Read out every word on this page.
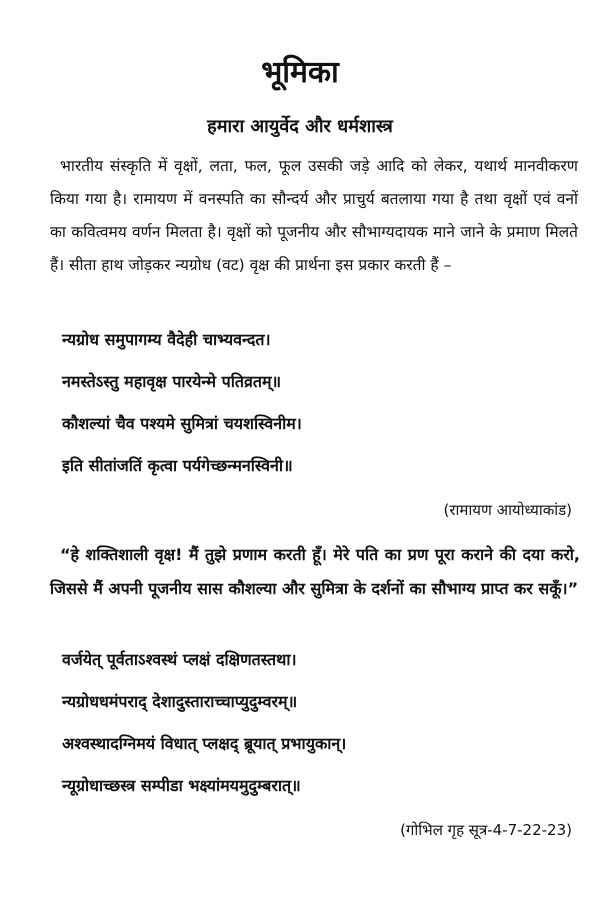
भूमिका
हमारा आयुर्वेद और धर्मशास्त्र

भारतीय संस्कृति में वृक्षों, लता, फल, फूल उसकी जड़े आदि को लेकर, यथार्थ मानवीकरण किया गया है। रामायण में वनस्पति का सौन्दर्य और प्राचुर्य बतलाया गया है तथा वृक्षों एवं वनों का कवित्वमय वर्णन मिलता है। वृक्षों को पूजनीय और सौभाग्यदायक माने जाने के प्रमाण मिलते हैं। सीता हाथ जोड़कर न्यग्रोध (वट) वृक्ष की प्रार्थना इस प्रकार करती हैं –

न्यग्रोध समुपागम्य वैदेही चाभ्यवन्दत।

नमस्तेऽस्तु महावृक्ष पारयेन्मे पतिव्रतम्॥

कौशल्यां चैव पश्यमे सुमित्रां चयशस्विनीम।

इति सीतांजतिं कृत्वा पर्यगेच्छन्मनस्विनी॥

(रामायण आयोध्याकांड)

“हे शक्तिशाली वृक्ष! मैं तुझे प्रणाम करती हूँ। मेरे पति का प्रण पूरा कराने की दया करो, जिससे मैं अपनी पूजनीय सास कौशल्या और सुमित्रा के दर्शनों का सौभाग्य प्राप्त कर सकूँ।”

वर्जयेत् पूर्वताऽश्वस्थं प्लक्षं दक्षिणतस्तथा।

न्यग्रोधधमंपराद् देशादुस्ताराच्चाप्युदुम्वरम्॥

अश्वस्थादग्निमयं विधात् प्लक्षद् ब्रूयात् प्रभायुकान्।

न्यूग्रोधाच्छस्त्र सम्पीडा भक्ष्यांमयमुदुम्बरात्॥

(गोभिल गृह सूत्र-4-7-22-23)
